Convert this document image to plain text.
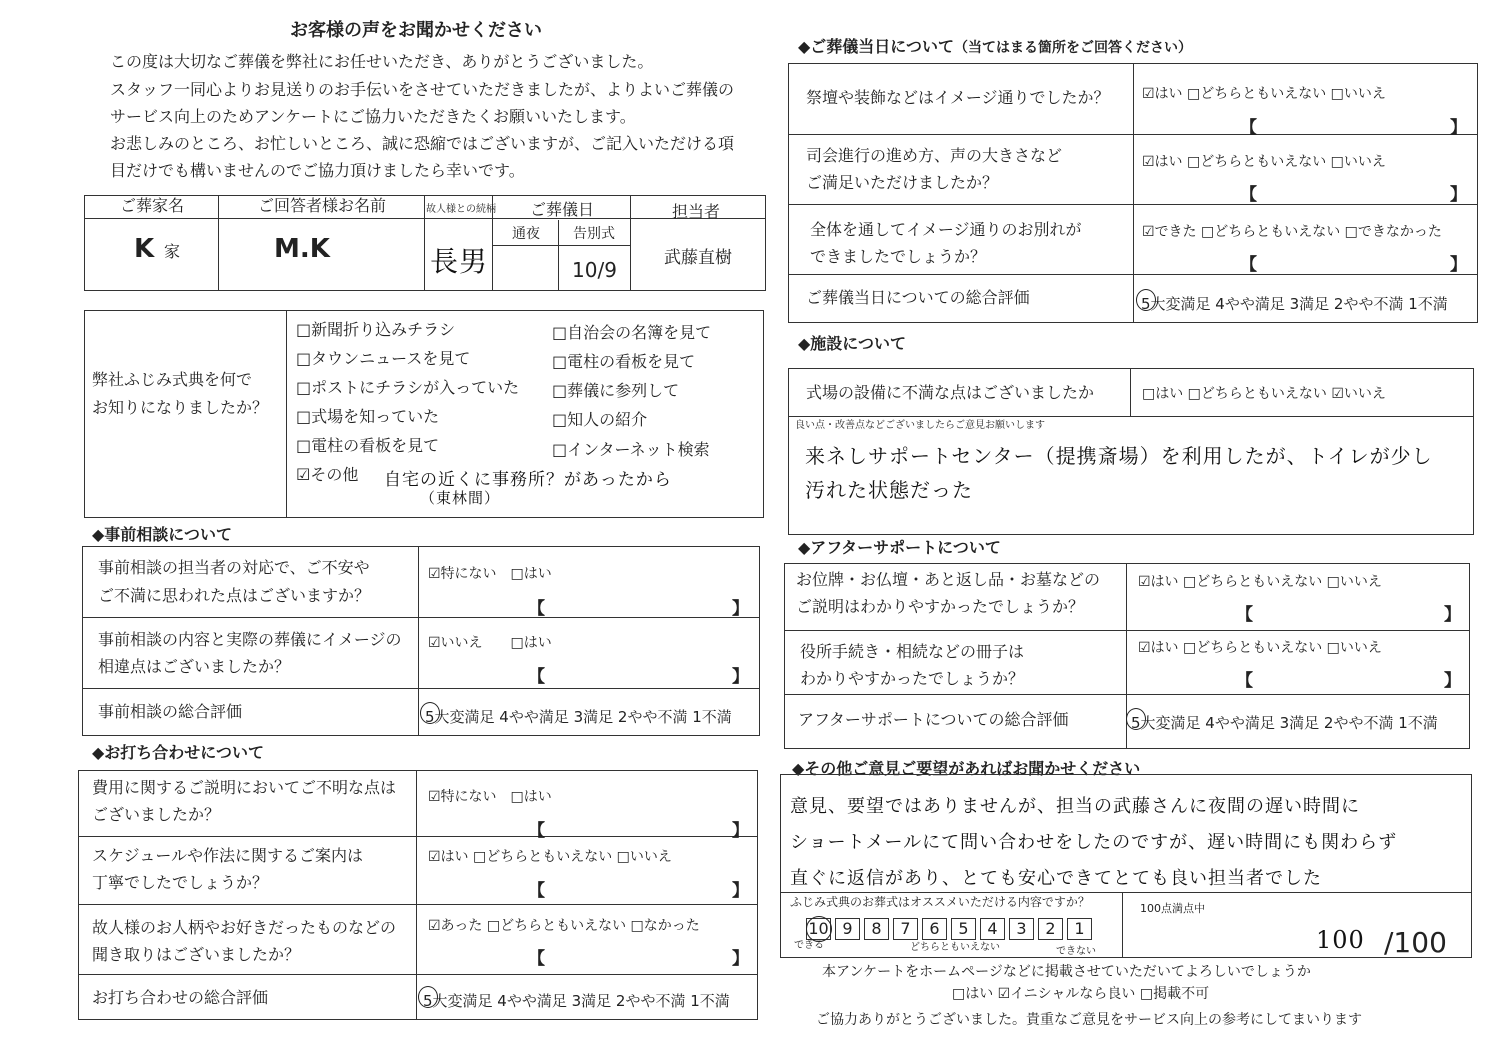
お客様の声をお聞かせください
この度は大切なご葬儀を弊社にお任せいただき、ありがとうございました。
スタッフ一同心よりお見送りのお手伝いをさせていただきましたが、よりよいご葬儀の
サービス向上のためアンケートにご協力いただきたくお願いいたします。
お悲しみのところ、お忙しいところ、誠に恐縮ではございますが、ご記入いただける項
目だけでも構いませんのでご協力頂けましたら幸いです。
ご葬家名	ご回答者様お名前	故人様との続柄 ご葬儀日	担当者
通夜 告別式
K 家	M.K	長男	10/9	武藤直樹
弊社ふじみ式典を何で
お知りになりましたか？
□新聞折り込みチラシ
□タウンニュースを見て
□ポストにチラシが入っていた
□式場を知っていた
□電柱の看板を見て
☑その他
□自治会の名簿を見て
□電柱の看板を見て
□葬儀に参列して
□知人の紹介
□インターネット検索
自宅の近くに事務所？があったから
（東林間）
◆事前相談について
事前相談の担当者の対応で、ご不安や
ご不満に思われた点はございますか？
☑特にない　□はい
【	】
事前相談の内容と実際の葬儀にイメージの
相違点はございましたか？
☑いいえ　　□はい
【	】
事前相談の総合評価	5大変満足 4やや満足 3満足 2やや不満 1不満
◆お打ち合わせについて
費用に関するご説明においてご不明な点は
ございましたか？
☑特にない　□はい
【	】
スケジュールや作法に関するご案内は
丁寧でしたでしょうか？
☑はい □どちらともいえない □いいえ
【	】
故人様のお人柄やお好きだったものなどの
聞き取りはございましたか？
☑あった □どちらともいえない □なかった
【	】
お打ち合わせの総合評価	5大変満足 4やや満足 3満足 2やや不満 1不満
◆ご葬儀当日について（当てはまる箇所をご回答ください）
祭壇や装飾などはイメージ通りでしたか？ ☑はい □どちらともいえない □いいえ
【	】
司会進行の進め方、声の大きさなど
ご満足いただけましたか？
☑はい □どちらともいえない □いいえ
【	】
全体を通してイメージ通りのお別れが
できましたでしょうか？
☑できた □どちらともいえない □できなかった
【	】
ご葬儀当日についての総合評価	5大変満足 4やや満足 3満足 2やや不満 1不満
◆施設について
式場の設備に不満な点はございましたか	□はい □どちらともいえない ☑いいえ
良い点・改善点などございましたらご意見お願いします
来ネしサポートセンター（提携斎場）を利用したが、トイレが少し
汚れた状態だった
◆アフターサポートについて
お位牌・お仏壇・あと返し品・お墓などの
ご説明はわかりやすかったでしょうか？
☑はい □どちらともいえない □いいえ
【	】
役所手続き・相続などの冊子は
わかりやすかったでしょうか？
☑はい □どちらともいえない □いいえ
【	】
アフターサポートについての総合評価	5大変満足 4やや満足 3満足 2やや不満 1不満
◆その他ご意見ご要望があればお聞かせください
意見、要望ではありませんが、担当の武藤さんに夜間の遅い時間に
ショートメールにて問い合わせをしたのですが、遅い時間にも関わらず
直ぐに返信があり、とても安心できてとても良い担当者でした
ふじみ式典のお葬式はオススメいただける内容ですか？	100点満点中
10 9	8	7	6	5	4	3	2	1
できる	どちらともいえない	できない	100 /100
本アンケートをホームページなどに掲載させていただいてよろしいでしょうか
□はい ☑イニシャルなら良い □掲載不可
ご協力ありがとうございました。貴重なご意見をサービス向上の参考にしてまいります
